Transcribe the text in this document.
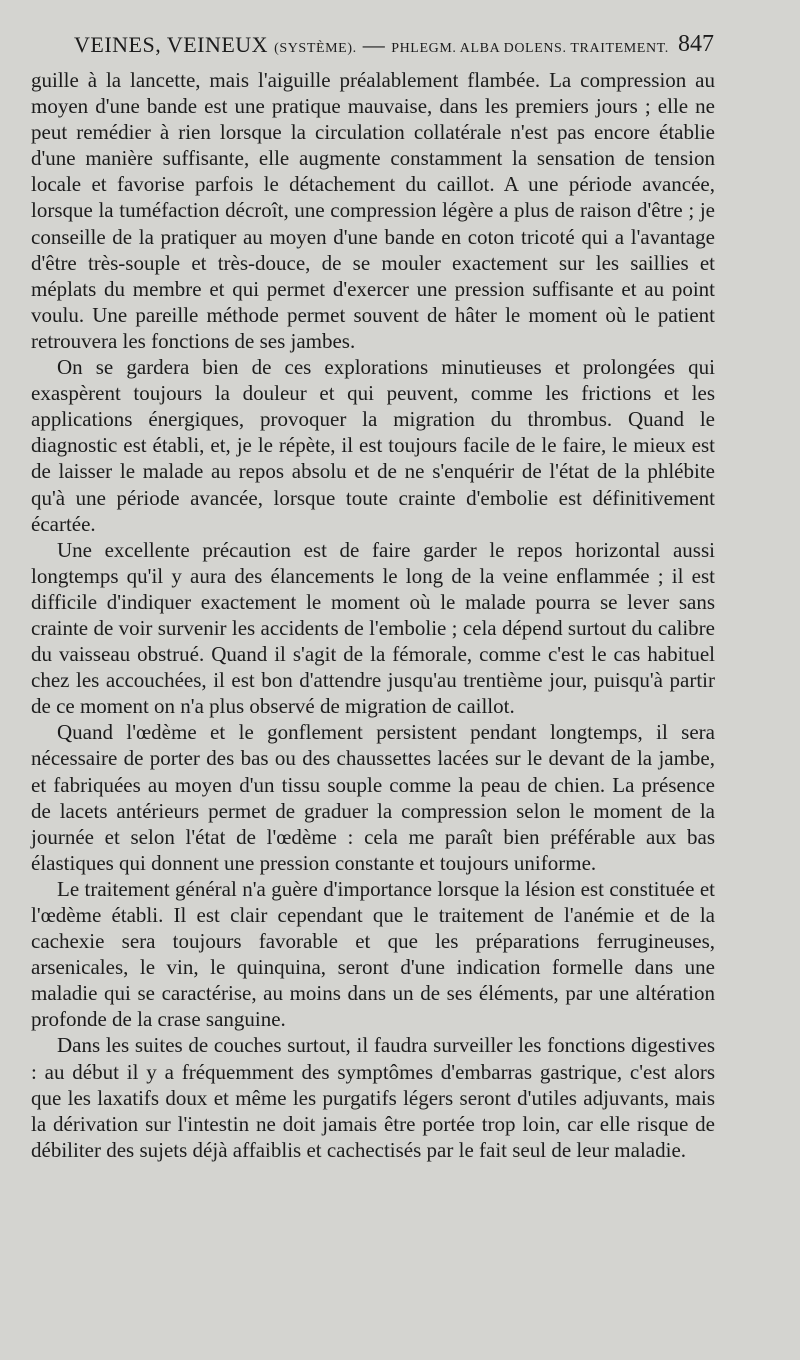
VEINES, VEINEUX (SYSTÈME). — PHLEGM. ALBA DOLENS. TRAITEMENT. 847

guille à la lancette, mais l'aiguille préalablement flambée. La compression au moyen d'une bande est une pratique mauvaise, dans les premiers jours ; elle ne peut remédier à rien lorsque la circulation collatérale n'est pas encore établie d'une manière suffisante, elle augmente constamment la sensation de tension locale et favorise parfois le détachement du caillot. A une période avancée, lorsque la tuméfaction décroît, une compression légère a plus de raison d'être ; je conseille de la pratiquer au moyen d'une bande en coton tricoté qui a l'avantage d'être très-souple et très-douce, de se mouler exactement sur les saillies et méplats du membre et qui permet d'exercer une pression suffisante et au point voulu. Une pareille méthode permet souvent de hâter le moment où le patient retrouvera les fonctions de ses jambes.

On se gardera bien de ces explorations minutieuses et prolongées qui exaspèrent toujours la douleur et qui peuvent, comme les frictions et les applications énergiques, provoquer la migration du thrombus. Quand le diagnostic est établi, et, je le répète, il est toujours facile de le faire, le mieux est de laisser le malade au repos absolu et de ne s'enquérir de l'état de la phlébite qu'à une période avancée, lorsque toute crainte d'embolie est définitivement écartée.

Une excellente précaution est de faire garder le repos horizontal aussi longtemps qu'il y aura des élancements le long de la veine enflammée ; il est difficile d'indiquer exactement le moment où le malade pourra se lever sans crainte de voir survenir les accidents de l'embolie ; cela dépend surtout du calibre du vaisseau obstrué. Quand il s'agit de la fémorale, comme c'est le cas habituel chez les accouchées, il est bon d'attendre jusqu'au trentième jour, puisqu'à partir de ce moment on n'a plus observé de migration de caillot.

Quand l'œdème et le gonflement persistent pendant longtemps, il sera nécessaire de porter des bas ou des chaussettes lacées sur le devant de la jambe, et fabriquées au moyen d'un tissu souple comme la peau de chien. La présence de lacets antérieurs permet de graduer la compression selon le moment de la journée et selon l'état de l'œdème : cela me paraît bien préférable aux bas élastiques qui donnent une pression constante et toujours uniforme.

Le traitement général n'a guère d'importance lorsque la lésion est constituée et l'œdème établi. Il est clair cependant que le traitement de l'anémie et de la cachexie sera toujours favorable et que les préparations ferrugineuses, arsenicales, le vin, le quinquina, seront d'une indication formelle dans une maladie qui se caractérise, au moins dans un de ses éléments, par une altération profonde de la crase sanguine.

Dans les suites de couches surtout, il faudra surveiller les fonctions digestives : au début il y a fréquemment des symptômes d'embarras gastrique, c'est alors que les laxatifs doux et même les purgatifs légers seront d'utiles adjuvants, mais la dérivation sur l'intestin ne doit jamais être portée trop loin, car elle risque de débiliter des sujets déjà affaiblis et cachectisés par le fait seul de leur maladie.
